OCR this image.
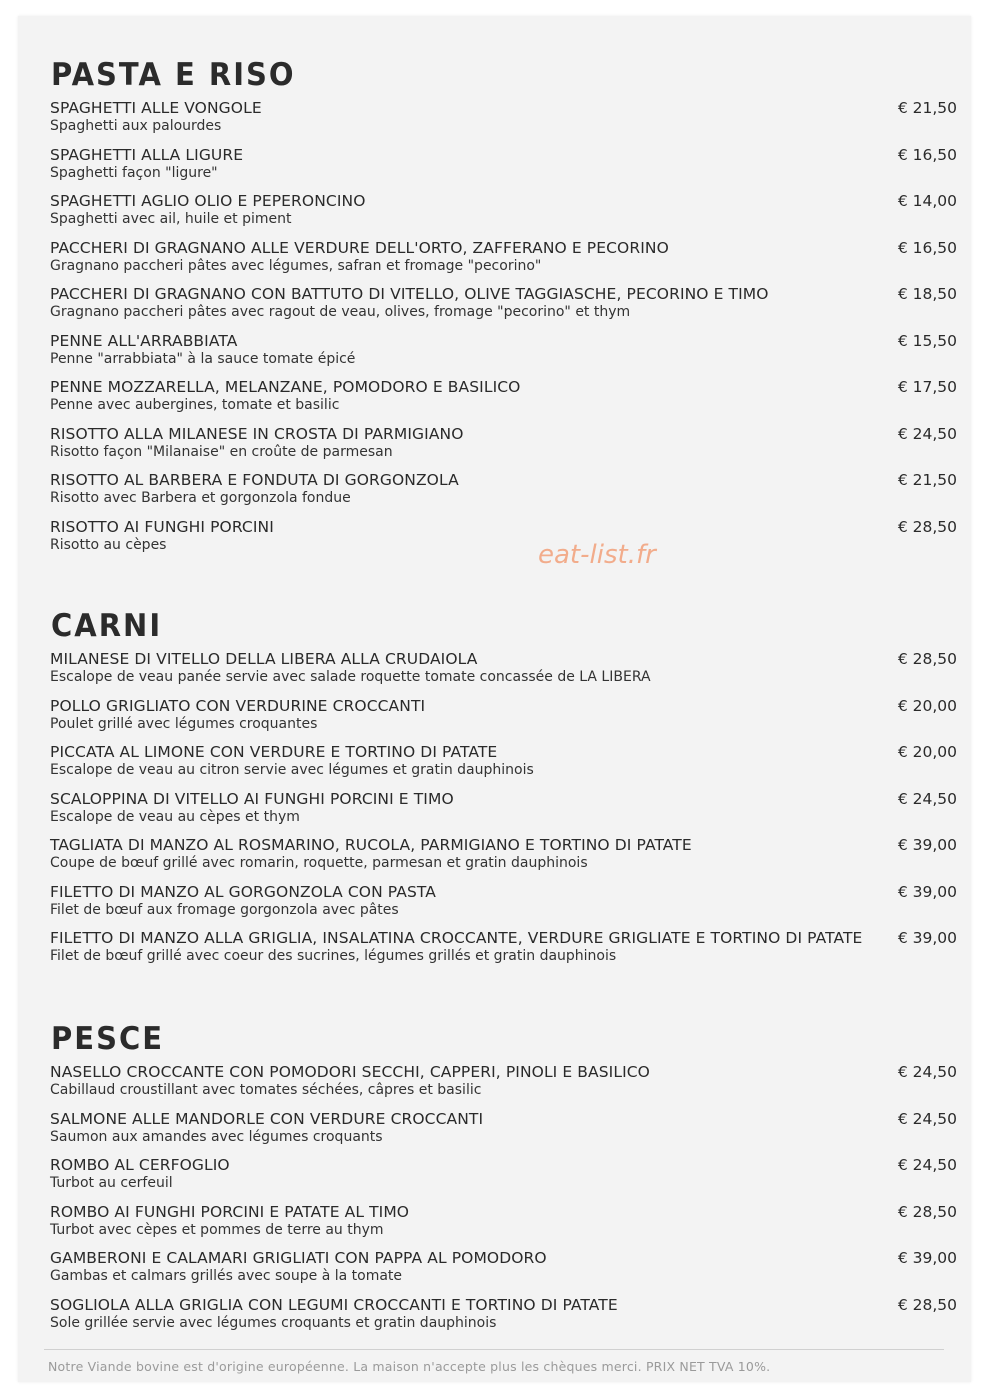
PASTA E RISO
SPAGHETTI ALLE VONGOLE
Spaghetti aux palourdes
€ 21,50
SPAGHETTI ALLA LIGURE
Spaghetti façon "ligure"
€ 16,50
SPAGHETTI AGLIO OLIO E PEPERONCINO
Spaghetti avec ail, huile et piment
€ 14,00
PACCHERI DI GRAGNANO ALLE VERDURE DELL'ORTO, ZAFFERANO E PECORINO
Gragnano paccheri pâtes avec légumes, safran et fromage "pecorino"
€ 16,50
PACCHERI DI GRAGNANO CON BATTUTO DI VITELLO, OLIVE TAGGIASCHE, PECORINO E TIMO
Gragnano paccheri pâtes avec ragout de veau, olives, fromage "pecorino" et thym
€ 18,50
PENNE ALL'ARRABBIATA
Penne "arrabbiata" à la sauce tomate épicé
€ 15,50
PENNE MOZZARELLA, MELANZANE, POMODORO E BASILICO
Penne avec aubergines, tomate et basilic
€ 17,50
RISOTTO ALLA MILANESE IN CROSTA DI PARMIGIANO
Risotto façon "Milanaise" en croûte de parmesan
€ 24,50
RISOTTO AL BARBERA E FONDUTA DI GORGONZOLA
Risotto avec Barbera et gorgonzola fondue
€ 21,50
RISOTTO AI FUNGHI PORCINI
Risotto au cèpes
€ 28,50
eat-list.fr
CARNI
MILANESE DI VITELLO DELLA LIBERA ALLA CRUDAIOLA
Escalope de veau panée servie avec salade roquette tomate concassée de LA LIBERA
€ 28,50
POLLO GRIGLIATO CON VERDURINE CROCCANTI
Poulet grillé avec légumes croquantes
€ 20,00
PICCATA AL LIMONE CON VERDURE E TORTINO DI PATATE
Escalope de veau au citron servie avec légumes et gratin dauphinois
€ 20,00
SCALOPPINA DI VITELLO AI FUNGHI PORCINI E TIMO
Escalope de veau au cèpes et thym
€ 24,50
TAGLIATA DI MANZO AL ROSMARINO, RUCOLA, PARMIGIANO E TORTINO DI PATATE
Coupe de bœuf grillé avec romarin, roquette, parmesan et gratin dauphinois
€ 39,00
FILETTO DI MANZO AL GORGONZOLA CON PASTA
Filet de bœuf aux fromage gorgonzola avec pâtes
€ 39,00
FILETTO DI MANZO ALLA GRIGLIA, INSALATINA CROCCANTE, VERDURE GRIGLIATE E TORTINO DI PATATE
Filet de bœuf grillé avec coeur des sucrines, légumes grillés et gratin dauphinois
€ 39,00
PESCE
NASELLO CROCCANTE CON POMODORI SECCHI, CAPPERI, PINOLI E BASILICO
Cabillaud croustillant avec tomates séchées, câpres et basilic
€ 24,50
SALMONE ALLE MANDORLE CON VERDURE CROCCANTI
Saumon aux amandes avec légumes croquants
€ 24,50
ROMBO AL CERFOGLIO
Turbot au cerfeuil
€ 24,50
ROMBO AI FUNGHI PORCINI E PATATE AL TIMO
Turbot avec cèpes et pommes de terre au thym
€ 28,50
GAMBERONI E CALAMARI GRIGLIATI CON PAPPA AL POMODORO
Gambas et calmars grillés avec soupe à la tomate
€ 39,00
SOGLIOLA ALLA GRIGLIA CON LEGUMI CROCCANTI E TORTINO DI PATATE
Sole grillée servie avec légumes croquants et gratin dauphinois
€ 28,50
Notre Viande bovine est d'origine européenne. La maison n'accepte plus les chèques merci. PRIX NET TVA 10%.
